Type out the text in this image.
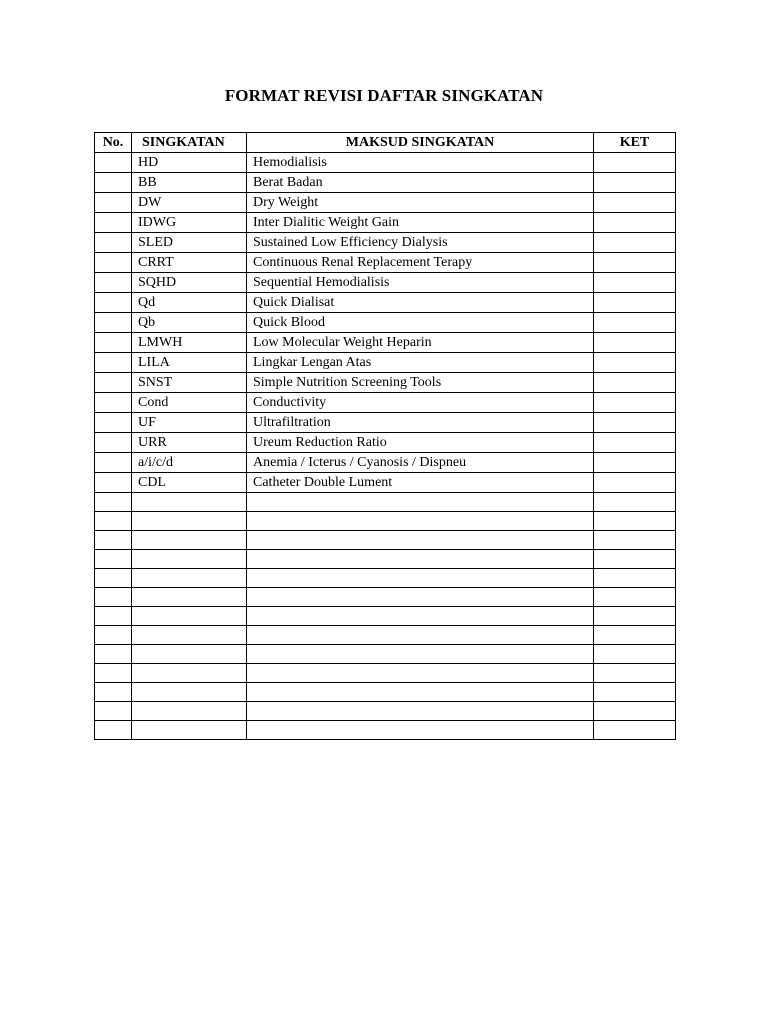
FORMAT REVISI DAFTAR SINGKATAN
No.	SINGKATAN	MAKSUD SINGKATAN	KET
	HD	Hemodialisis	
	BB	Berat Badan	
	DW	Dry Weight	
	IDWG	Inter Dialitic Weight Gain	
	SLED	Sustained Low Efficiency Dialysis	
	CRRT	Continuous Renal Replacement Terapy	
	SQHD	Sequential Hemodialisis	
	Qd	Quick Dialisat	
	Qb	Quick Blood	
	LMWH	Low Molecular Weight Heparin	
	LILA	Lingkar Lengan Atas	
	SNST	Simple Nutrition Screening Tools	
	Cond	Conductivity	
	UF	Ultrafiltration	
	URR	Ureum Reduction Ratio	
	a/i/c/d	Anemia / Icterus / Cyanosis / Dispneu	
	CDL	Catheter Double Lument	
